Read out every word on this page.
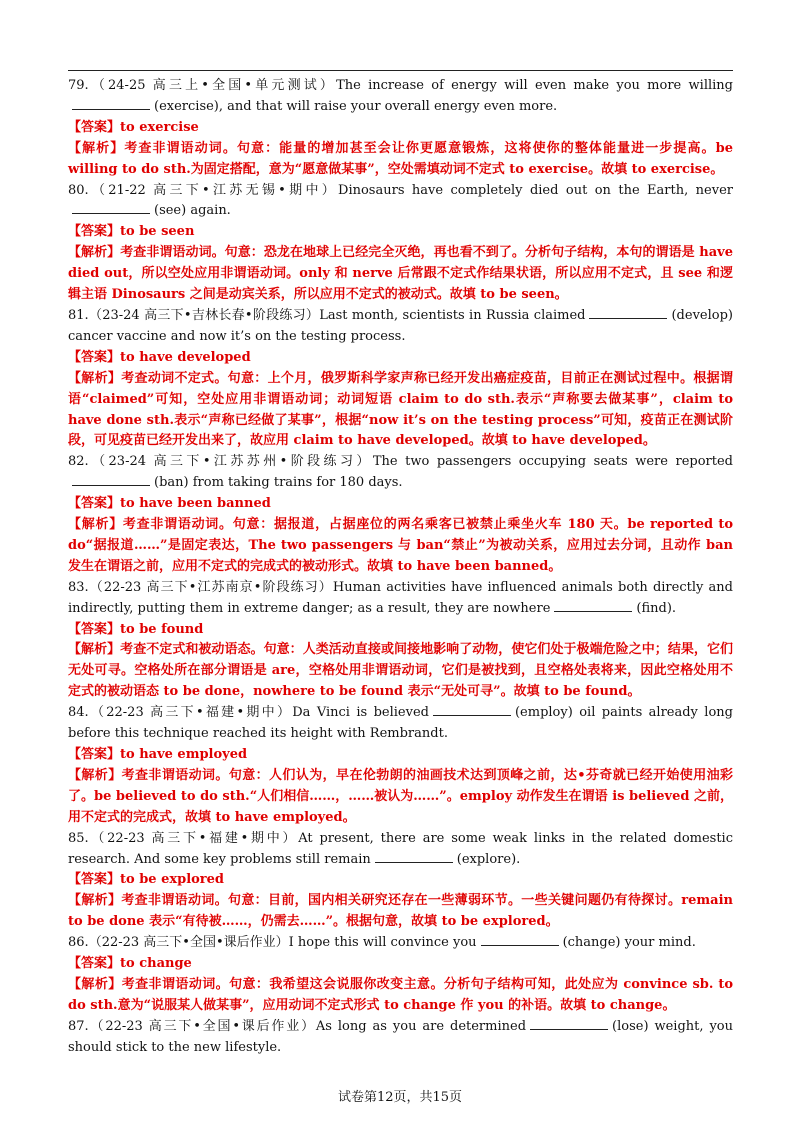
79.（24-25 高三上•全国•单元测试）The increase of energy will even make you more willing(exercise), and that will raise your overall energy even more.

【答案】to exercise

【解析】考查非谓语动词。句意：能量的增加甚至会让你更愿意锻炼，这将使你的整体能量进一步提高。be willing to do sth.为固定搭配，意为“愿意做某事”，空处需填动词不定式 to exercise。故填 to exercise。

80.（21-22 高三下•江苏无锡•期中）Dinosaurs have completely died out on the Earth, never(see) again.

【答案】to be seen

【解析】考查非谓语动词。句意：恐龙在地球上已经完全灭绝，再也看不到了。分析句子结构，本句的谓语是 have died out，所以空处应用非谓语动词。only 和 nerve 后常跟不定式作结果状语，所以应用不定式，且 see 和逻辑主语 Dinosaurs 之间是动宾关系，所以应用不定式的被动式。故填 to be seen。

81.（23-24 高三下•吉林长春•阶段练习）Last month, scientists in Russia claimed	(develop) cancer vaccine and now it’s on the testing process.

【答案】to have developed

【解析】考查动词不定式。句意：上个月，俄罗斯科学家声称已经开发出癌症疫苗，目前正在测试过程中。根据谓语“claimed”可知，空处应用非谓语动词；动词短语 claim to do sth.表示“声称要去做某事”，claim to have done sth.表示“声称已经做了某事”，根据“now it’s on the testing process”可知，疫苗正在测试阶段，可见疫苗已经开发出来了，故应用 claim to have developed。故填 to have developed。

82.（23-24 高三下•江苏苏州•阶段练习）The two passengers occupying seats were reported(ban) from taking trains for 180 days.

【答案】to have been banned

【解析】考查非谓语动词。句意：据报道，占据座位的两名乘客已被禁止乘坐火车 180 天。be reported to do“据报道……”是固定表达，The two passengers 与 ban“禁止”为被动关系，应用过去分词，且动作 ban 发生在谓语之前，应用不定式的完成式的被动形式。故填 to have been banned。

83.（22-23 高三下•江苏南京•阶段练习）Human activities have influenced animals both directly and indirectly, putting them in extreme danger; as a result, they are nowhere	(find).

【答案】to be found

【解析】考查不定式和被动语态。句意：人类活动直接或间接地影响了动物，使它们处于极端危险之中；结果，它们无处可寻。空格处所在部分谓语是 are，空格处用非谓语动词，它们是被找到，且空格处表将来，因此空格处用不定式的被动语态 to be done，nowhere to be found 表示“无处可寻”。故填 to be found。

84.（22-23 高三下•福建•期中）Da Vinci is believed	(employ) oil paints already long before this technique reached its height with Rembrandt.

【答案】to have employed

【解析】考查非谓语动词。句意：人们认为，早在伦勃朗的油画技术达到顶峰之前，达•芬奇就已经开始使用油彩了。be believed to do sth.“人们相信……，……被认为……”。employ 动作发生在谓语 is believed 之前，用不定式的完成式，故填 to have employed。

85.（22-23 高三下•福建•期中）At present, there are some weak links in the related domestic research. And some key problems still remain	(explore).

【答案】to be explored

【解析】考查非谓语动词。句意：目前，国内相关研究还存在一些薄弱环节。一些关键问题仍有待探讨。remain to be done 表示“有待被……，仍需去……”。根据句意，故填 to be explored。

86.（22-23 高三下•全国•课后作业）I hope this will convince you	(change) your mind.

【答案】to change

【解析】考查非谓语动词。句意：我希望这会说服你改变主意。分析句子结构可知，此处应为 convince sb. to do sth.意为“说服某人做某事”，应用动词不定式形式 to change 作 you 的补语。故填 to change。

87.（22-23 高三下•全国•课后作业）As long as you are determined	(lose) weight, you should stick to the new lifestyle.

试卷第12页，共15页
